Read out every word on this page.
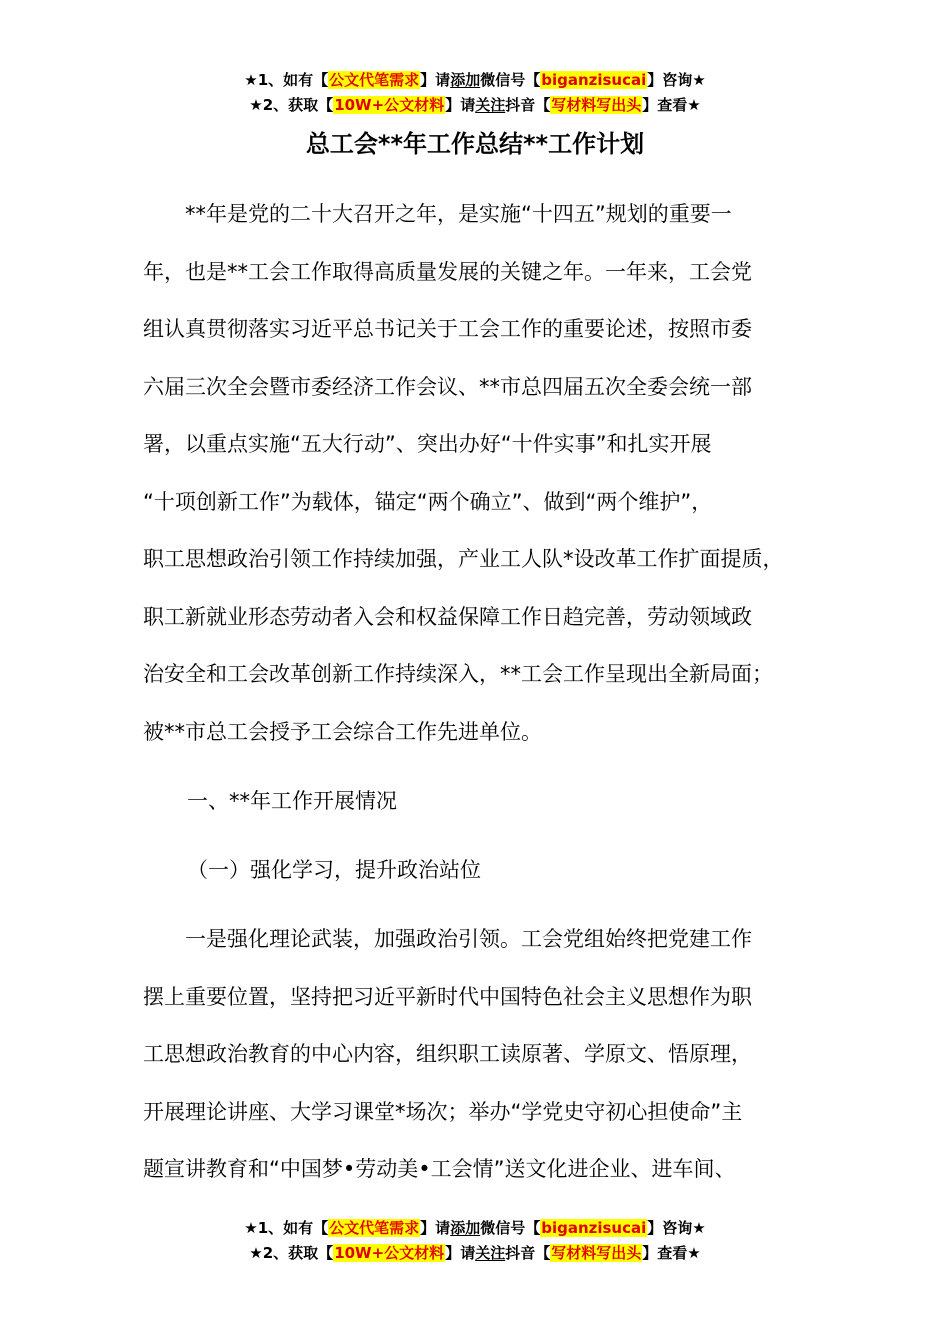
★1、如有【公文代笔需求】请添加微信号【biganzisucai】咨询★
★2、获取【10W+公文材料】请关注抖音【写材料写出头】查看★
总工会**年工作总结**工作计划
　　**年是党的二十大召开之年，是实施“十四五”规划的重要一
年，也是**工会工作取得高质量发展的关键之年。一年来，工会党
组认真贯彻落实习近平总书记关于工会工作的重要论述，按照市委
六届三次全会暨市委经济工作会议、**市总四届五次全委会统一部
署，以重点实施“五大行动”、突出办好“十件实事”和扎实开展
“十项创新工作”为载体，锚定“两个确立”、做到“两个维护”，
职工思想政治引领工作持续加强，产业工人队*设改革工作扩面提质，
职工新就业形态劳动者入会和权益保障工作日趋完善，劳动领域政
治安全和工会改革创新工作持续深入，**工会工作呈现出全新局面；
被**市总工会授予工会综合工作先进单位。
一、**年工作开展情况
（一）强化学习，提升政治站位
　　一是强化理论武装，加强政治引领。工会党组始终把党建工作
摆上重要位置，坚持把习近平新时代中国特色社会主义思想作为职
工思想政治教育的中心内容，组织职工读原著、学原文、悟原理，
开展理论讲座、大学习课堂*场次；举办“学党史守初心担使命”主
题宣讲教育和“中国梦•劳动美•工会情”送文化进企业、进车间、
★1、如有【公文代笔需求】请添加微信号【biganzisucai】咨询★
★2、获取【10W+公文材料】请关注抖音【写材料写出头】查看★
